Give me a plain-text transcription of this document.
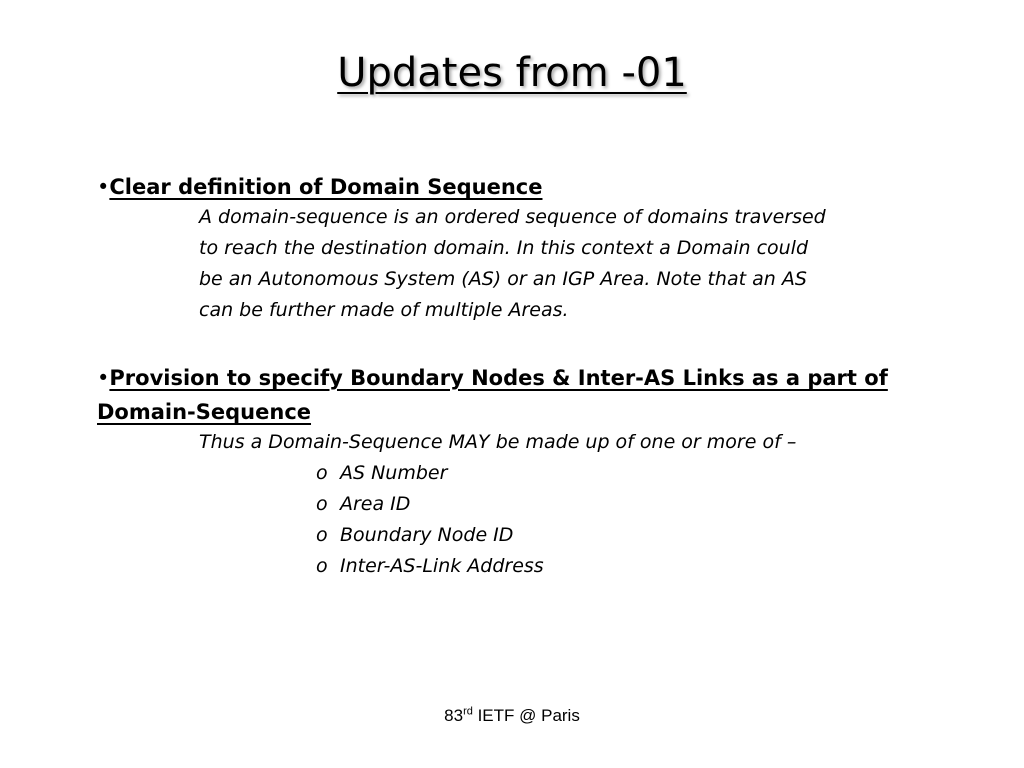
Updates from -01
•Clear definition of Domain Sequence
A domain-sequence is an ordered sequence of domains traversed
to reach the destination domain. In this context a Domain could
be an Autonomous System (AS) or an IGP Area. Note that an AS
can be further made of multiple Areas.
•Provision to specify Boundary Nodes & Inter-AS Links as a part of
Domain-Sequence
Thus a Domain-Sequence MAY be made up of one or more of –
o AS Number
o Area ID
o Boundary Node ID
o Inter-AS-Link Address
83rd IETF @ Paris
